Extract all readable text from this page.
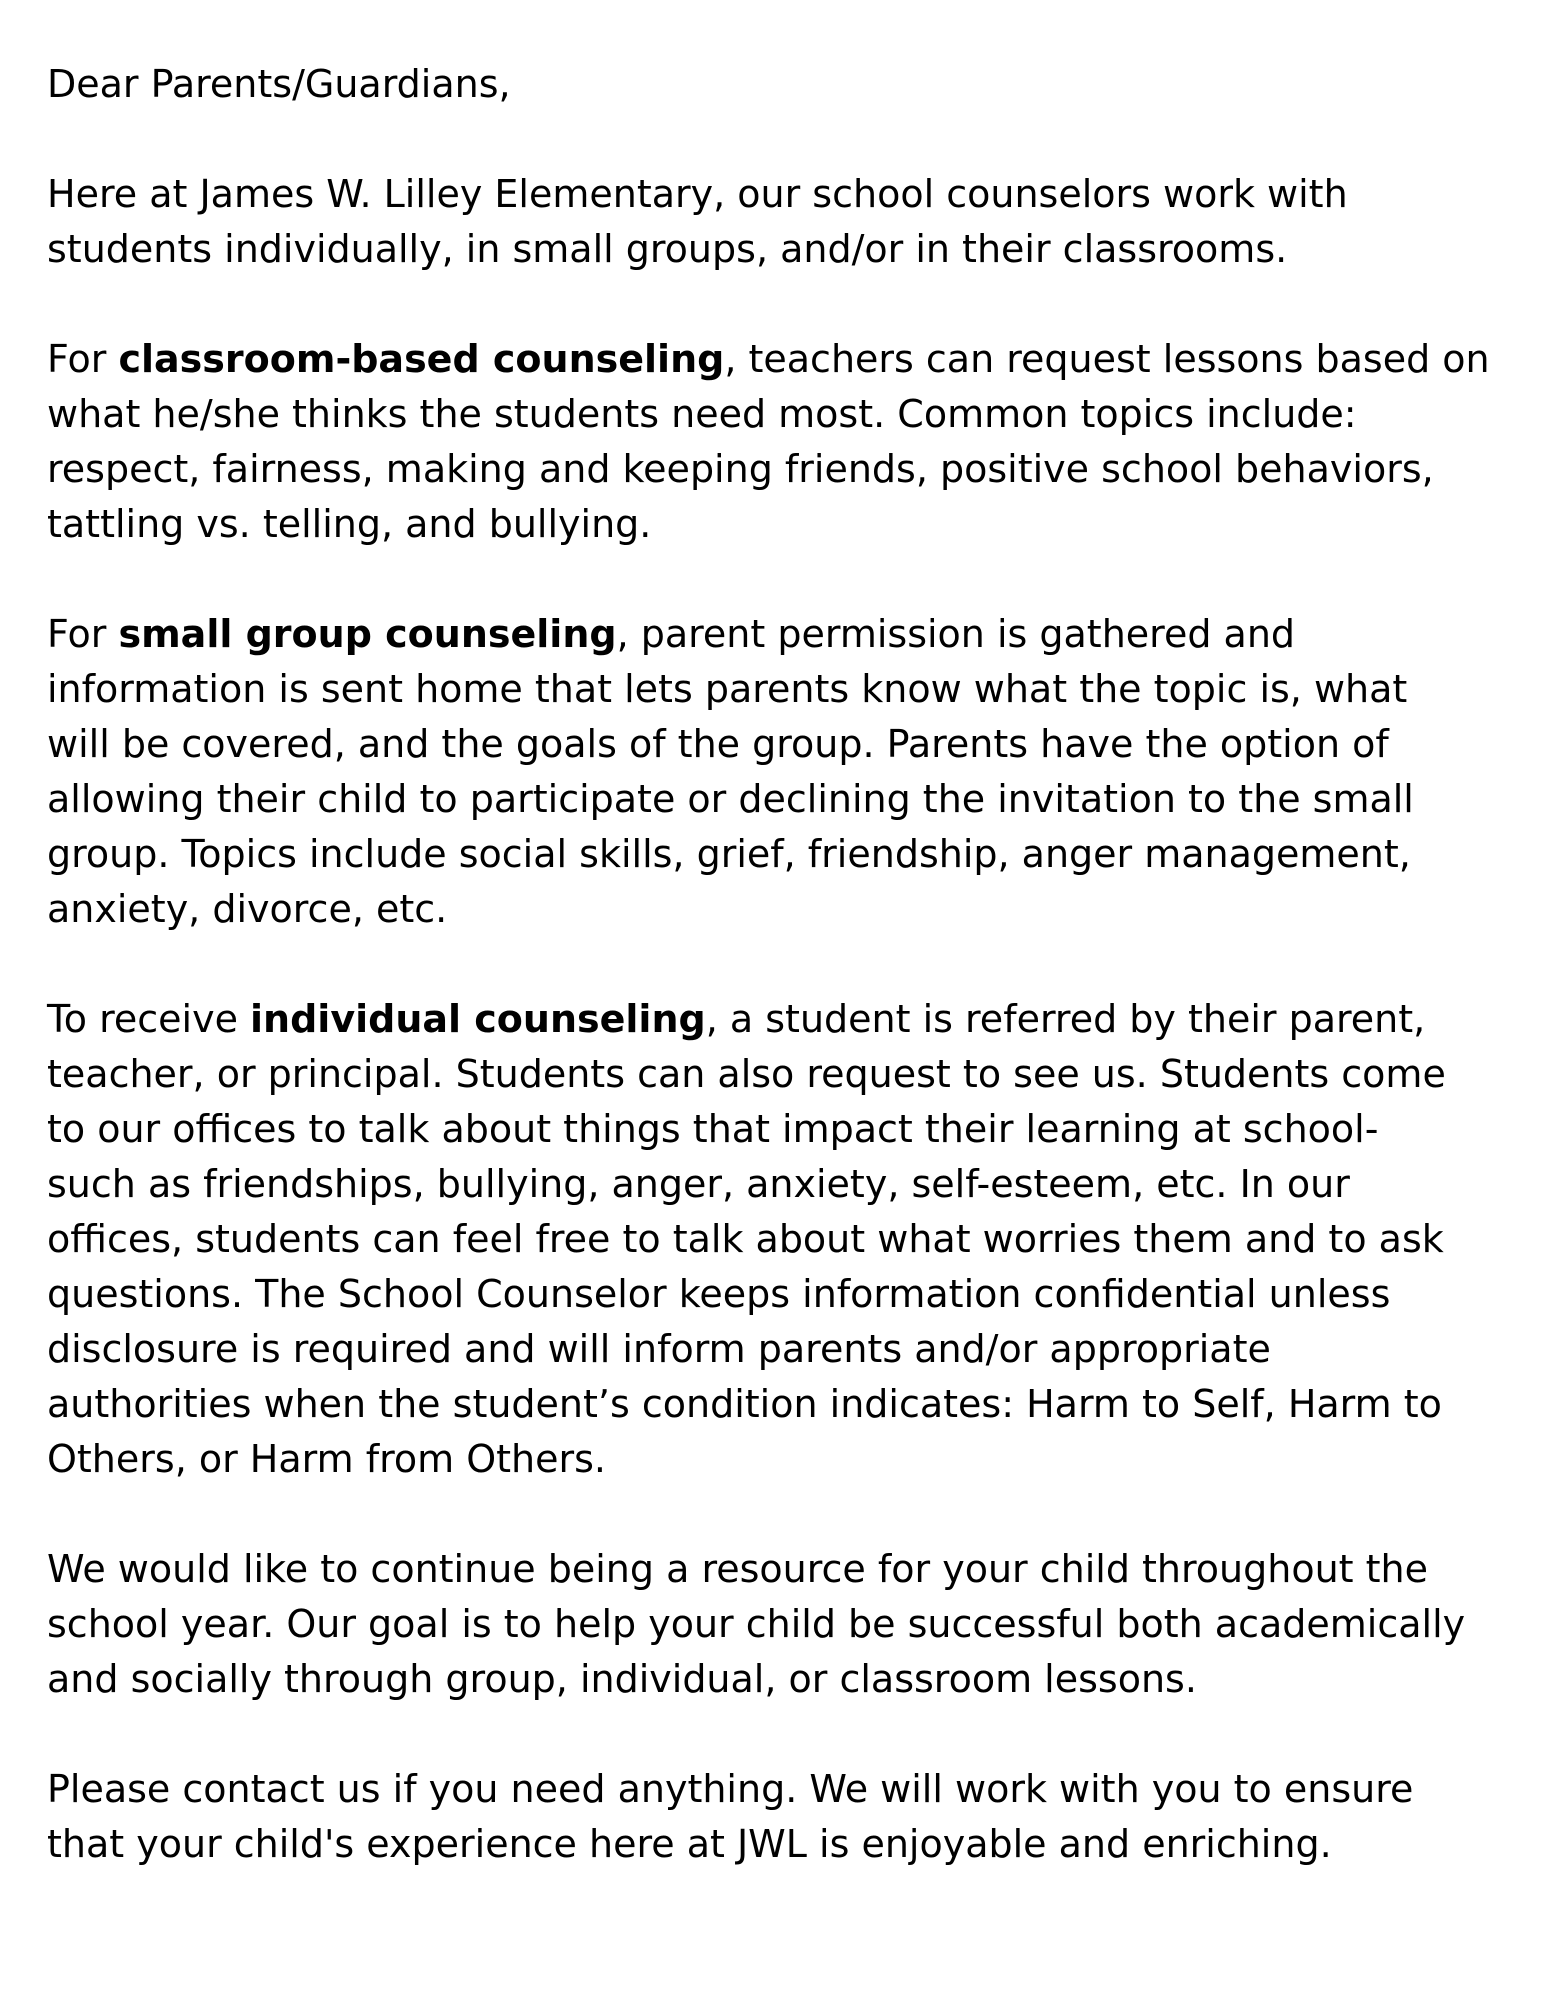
Dear Parents/Guardians,
Here at James W. Lilley Elementary, our school counselors work with
students individually, in small groups, and/or in their classrooms.
For classroom-based counseling, teachers can request lessons based on
what he/she thinks the students need most. Common topics include:
respect, fairness, making and keeping friends, positive school behaviors,
tattling vs. telling, and bullying.
For small group counseling, parent permission is gathered and
information is sent home that lets parents know what the topic is, what
will be covered, and the goals of the group. Parents have the option of
allowing their child to participate or declining the invitation to the small
group. Topics include social skills, grief, friendship, anger management,
anxiety, divorce, etc.
To receive individual counseling, a student is referred by their parent,
teacher, or principal. Students can also request to see us. Students come
to our offices to talk about things that impact their learning at school-
such as friendships, bullying, anger, anxiety, self-esteem, etc. In our
offices, students can feel free to talk about what worries them and to ask
questions. The School Counselor keeps information confidential unless
disclosure is required and will inform parents and/or appropriate
authorities when the student’s condition indicates: Harm to Self, Harm to
Others, or Harm from Others.
We would like to continue being a resource for your child throughout the
school year. Our goal is to help your child be successful both academically
and socially through group, individual, or classroom lessons.
Please contact us if you need anything. We will work with you to ensure
that your child's experience here at JWL is enjoyable and enriching.
